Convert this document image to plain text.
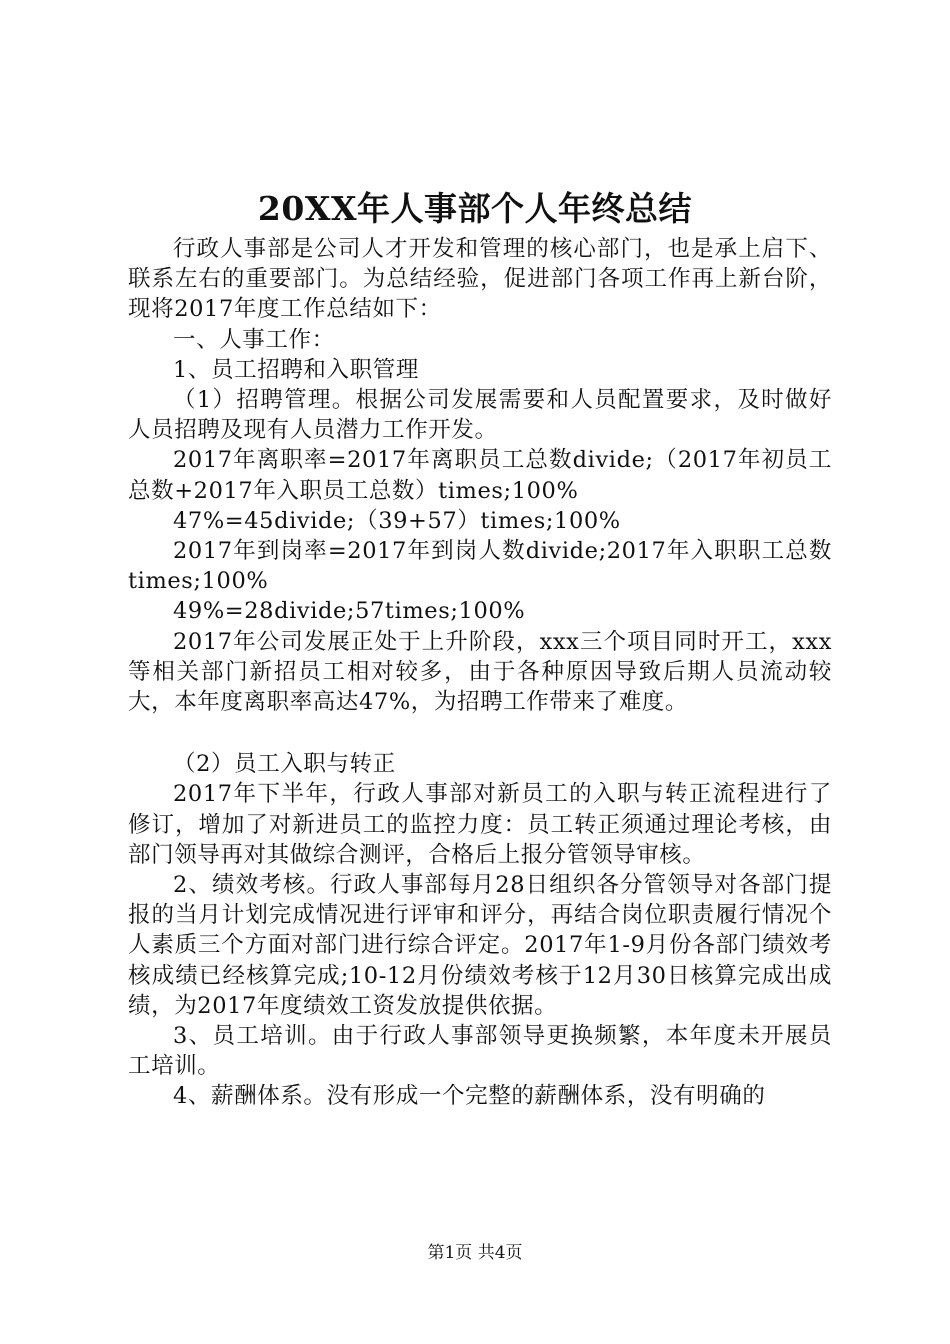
20XX年人事部个人年终总结

行政人事部是公司人才开发和管理的核心部门，也是承上启下、联系左右的重要部门。为总结经验，促进部门各项工作再上新台阶，现将2017年度工作总结如下：

一、人事工作：

1、员工招聘和入职管理

（1）招聘管理。根据公司发展需要和人员配置要求，及时做好人员招聘及现有人员潜力工作开发。

2017年离职率=2017年离职员工总数divide;（2017年初员工总数+2017年入职员工总数）times;100%

47%=45divide;（39+57）times;100%

2017年到岗率=2017年到岗人数divide;2017年入职职工总数times;100%

49%=28divide;57times;100%

2017年公司发展正处于上升阶段，xxx三个项目同时开工，xxx等相关部门新招员工相对较多，由于各种原因导致后期人员流动较大，本年度离职率高达47%，为招聘工作带来了难度。

（2）员工入职与转正

2017年下半年，行政人事部对新员工的入职与转正流程进行了修订，增加了对新进员工的监控力度：员工转正须通过理论考核，由部门领导再对其做综合测评，合格后上报分管领导审核。

2、绩效考核。行政人事部每月28日组织各分管领导对各部门提报的当月计划完成情况进行评审和评分，再结合岗位职责履行情况个人素质三个方面对部门进行综合评定。2017年1-9月份各部门绩效考核成绩已经核算完成;10-12月份绩效考核于12月30日核算完成出成绩，为2017年度绩效工资发放提供依据。

3、员工培训。由于行政人事部领导更换频繁，本年度未开展员工培训。

4、薪酬体系。没有形成一个完整的薪酬体系，没有明确的

第1页 共4页
